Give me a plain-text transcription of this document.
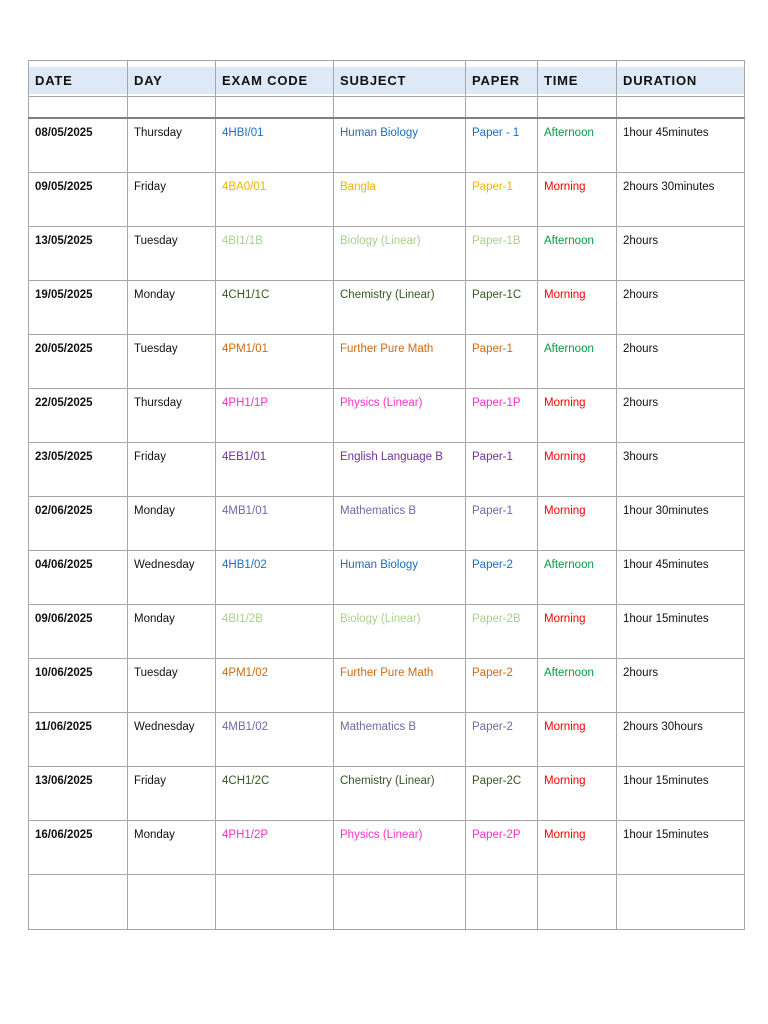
DATE	DAY	EXAM CODE	SUBJECT	PAPER	TIME	DURATION

08/05/2025	Thursday	4HBI/01	Human Biology	Paper - 1	Afternoon	1hour 45minutes
09/05/2025	Friday	4BA0/01	Bangla	Paper-1	Morning	2hours 30minutes
13/05/2025	Tuesday	4BI1/1B	Biology (Linear)	Paper-1B	Afternoon	2hours
19/05/2025	Monday	4CH1/1C	Chemistry (Linear)	Paper-1C	Morning	2hours
20/05/2025	Tuesday	4PM1/01	Further Pure Math	Paper-1	Afternoon	2hours
22/05/2025	Thursday	4PH1/1P	Physics (Linear)	Paper-1P	Morning	2hours
23/05/2025	Friday	4EB1/01	English Language B	Paper-1	Morning	3hours
02/06/2025	Monday	4MB1/01	Mathematics B	Paper-1	Morning	1hour 30minutes
04/06/2025	Wednesday	4HB1/02	Human Biology	Paper-2	Afternoon	1hour 45minutes
09/06/2025	Monday	4BI1/2B	Biology (Linear)	Paper-2B	Morning	1hour 15minutes
10/06/2025	Tuesday	4PM1/02	Further Pure Math	Paper-2	Afternoon	2hours
11/06/2025	Wednesday	4MB1/02	Mathematics B	Paper-2	Morning	2hours 30hours
13/06/2025	Friday	4CH1/2C	Chemistry (Linear)	Paper-2C	Morning	1hour 15minutes
16/06/2025	Monday	4PH1/2P	Physics (Linear)	Paper-2P	Morning	1hour 15minutes
